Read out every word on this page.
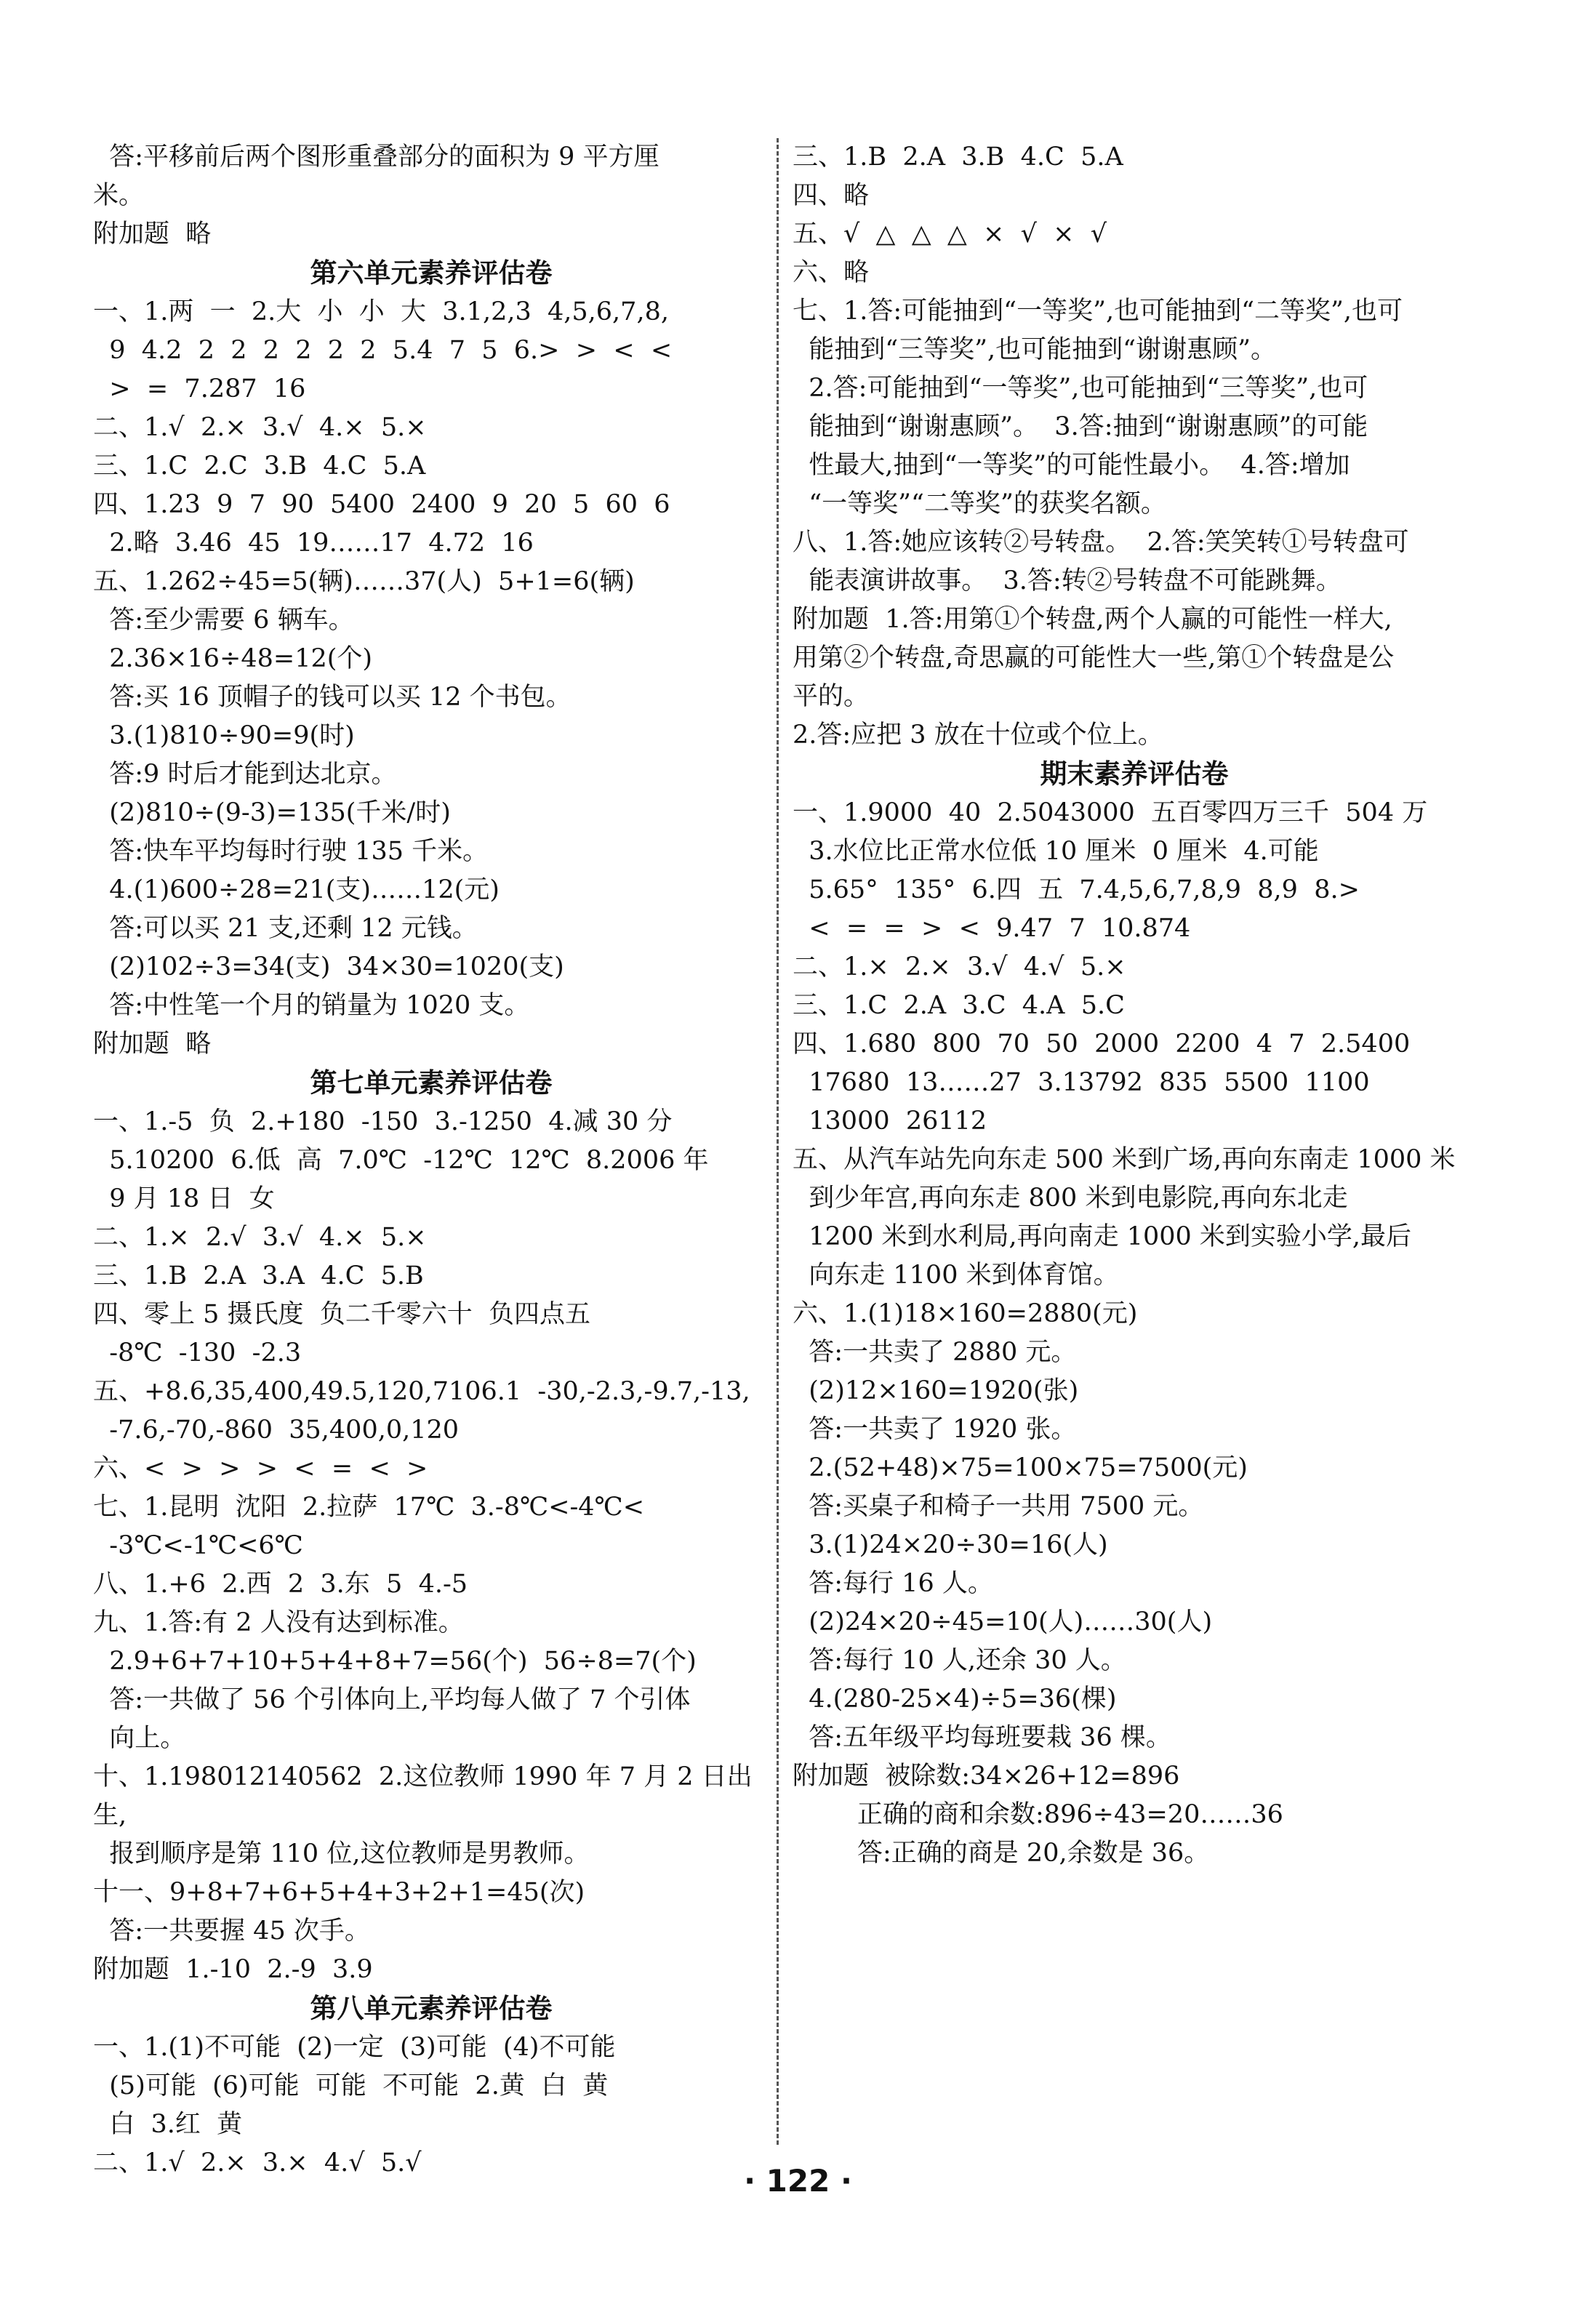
答:平移前后两个图形重叠部分的面积为 9 平方厘
米。
附加题  略
第六单元素养评估卷
一、1.两  一  2.大  小  小  大  3.1,2,3  4,5,6,7,8,
9  4.2  2  2  2  2  2  2  5.4  7  5  6.>  >  <  <
>  =  7.287  16
二、1.√  2.×  3.√  4.×  5.×
三、1.C  2.C  3.B  4.C  5.A
四、1.23  9  7  90  5400  2400  9  20  5  60  6
2.略  3.46  45  19……17  4.72  16
五、1.262÷45=5(辆)……37(人)  5+1=6(辆)
答:至少需要 6 辆车。
2.36×16÷48=12(个)
答:买 16 顶帽子的钱可以买 12 个书包。
3.(1)810÷90=9(时)
答:9 时后才能到达北京。
(2)810÷(9-3)=135(千米/时)
答:快车平均每时行驶 135 千米。
4.(1)600÷28=21(支)……12(元)
答:可以买 21 支,还剩 12 元钱。
(2)102÷3=34(支)  34×30=1020(支)
答:中性笔一个月的销量为 1020 支。
附加题  略
第七单元素养评估卷
一、1.-5  负  2.+180  -150  3.-1250  4.减 30 分
5.10200  6.低  高  7.0℃  -12℃  12℃  8.2006 年
9 月 18 日  女
二、1.×  2.√  3.√  4.×  5.×
三、1.B  2.A  3.A  4.C  5.B
四、零上 5 摄氏度  负二千零六十  负四点五
-8℃  -130  -2.3
五、+8.6,35,400,49.5,120,7106.1  -30,-2.3,-9.7,-13,
-7.6,-70,-860  35,400,0,120
六、<  >  >  >  <  =  <  >
七、1.昆明  沈阳  2.拉萨  17℃  3.-8℃<-4℃<
-3℃<-1℃<6℃
八、1.+6  2.西  2  3.东  5  4.-5
九、1.答:有 2 人没有达到标准。
2.9+6+7+10+5+4+8+7=56(个)  56÷8=7(个)
答:一共做了 56 个引体向上,平均每人做了 7 个引体
向上。
十、1.198012140562  2.这位教师 1990 年 7 月 2 日出生,
报到顺序是第 110 位,这位教师是男教师。
十一、9+8+7+6+5+4+3+2+1=45(次)
答:一共要握 45 次手。
附加题  1.-10  2.-9  3.9
第八单元素养评估卷
一、1.(1)不可能  (2)一定  (3)可能  (4)不可能
(5)可能  (6)可能  可能  不可能  2.黄  白  黄
白  3.红  黄
二、1.√  2.×  3.×  4.√  5.√
三、1.B  2.A  3.B  4.C  5.A
四、略
五、√  △  △  △  ×  √  ×  √
六、略
七、1.答:可能抽到“一等奖”,也可能抽到“二等奖”,也可
能抽到“三等奖”,也可能抽到“谢谢惠顾”。
2.答:可能抽到“一等奖”,也可能抽到“三等奖”,也可
能抽到“谢谢惠顾”。  3.答:抽到“谢谢惠顾”的可能
性最大,抽到“一等奖”的可能性最小。  4.答:增加
“一等奖”“二等奖”的获奖名额。
八、1.答:她应该转②号转盘。  2.答:笑笑转①号转盘可
能表演讲故事。  3.答:转②号转盘不可能跳舞。
附加题  1.答:用第①个转盘,两个人赢的可能性一样大,
用第②个转盘,奇思赢的可能性大一些,第①个转盘是公
平的。
2.答:应把 3 放在十位或个位上。
期末素养评估卷
一、1.9000  40  2.5043000  五百零四万三千  504 万
3.水位比正常水位低 10 厘米  0 厘米  4.可能
5.65°  135°  6.四  五  7.4,5,6,7,8,9  8,9  8.>
<  =  =  >  <  9.47  7  10.874
二、1.×  2.×  3.√  4.√  5.×
三、1.C  2.A  3.C  4.A  5.C
四、1.680  800  70  50  2000  2200  4  7  2.5400
17680  13……27  3.13792  835  5500  1100
13000  26112
五、从汽车站先向东走 500 米到广场,再向东南走 1000 米
到少年宫,再向东走 800 米到电影院,再向东北走
1200 米到水利局,再向南走 1000 米到实验小学,最后
向东走 1100 米到体育馆。
六、1.(1)18×160=2880(元)
答:一共卖了 2880 元。
(2)12×160=1920(张)
答:一共卖了 1920 张。
2.(52+48)×75=100×75=7500(元)
答:买桌子和椅子一共用 7500 元。
3.(1)24×20÷30=16(人)
答:每行 16 人。
(2)24×20÷45=10(人)……30(人)
答:每行 10 人,还余 30 人。
4.(280-25×4)÷5=36(棵)
答:五年级平均每班要栽 36 棵。
附加题  被除数:34×26+12=896
正确的商和余数:896÷43=20……36
答:正确的商是 20,余数是 36。
· 122 ·
